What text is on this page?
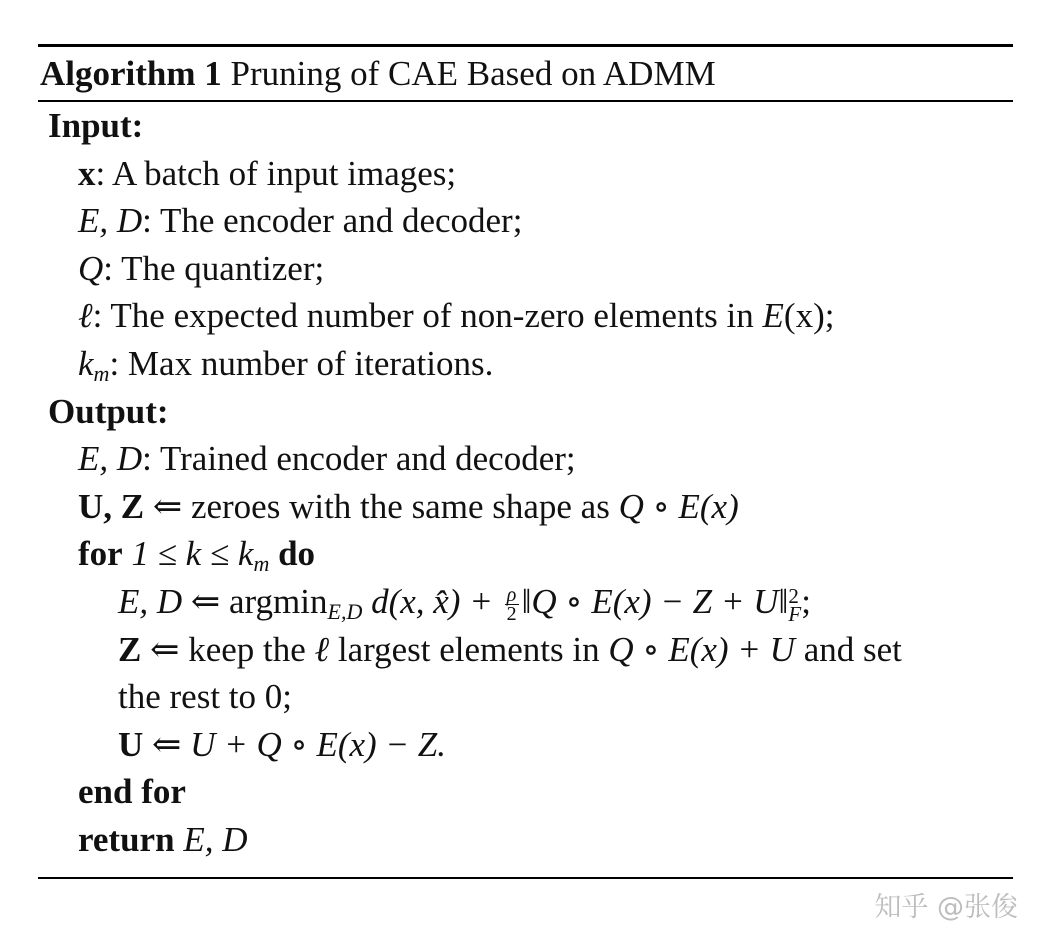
Algorithm 1 Pruning of CAE Based on ADMM
Input:
x: A batch of input images;
E, D: The encoder and decoder;
Q: The quantizer;
ℓ: The expected number of non-zero elements in E(x);
$k_m$: Max number of iterations.
Output:
E, D: Trained encoder and decoder;
U, Z ⇐ zeroes with the same shape as Q ∘ E(x)
for $1 \le k \le k_m$ do
E, D ⇐ argmin$_{E,D}$ d(x, x̂) + $\frac{\rho}{2}$ ‖Q ∘ E(x) − Z + U‖ 2
F ;
Z ⇐ keep the ℓ largest elements in Q ∘ E(x) + U and set
the rest to 0;
U ⇐ U + Q ∘ E(x) − Z.
end for
return E, D
知乎 @张俊
